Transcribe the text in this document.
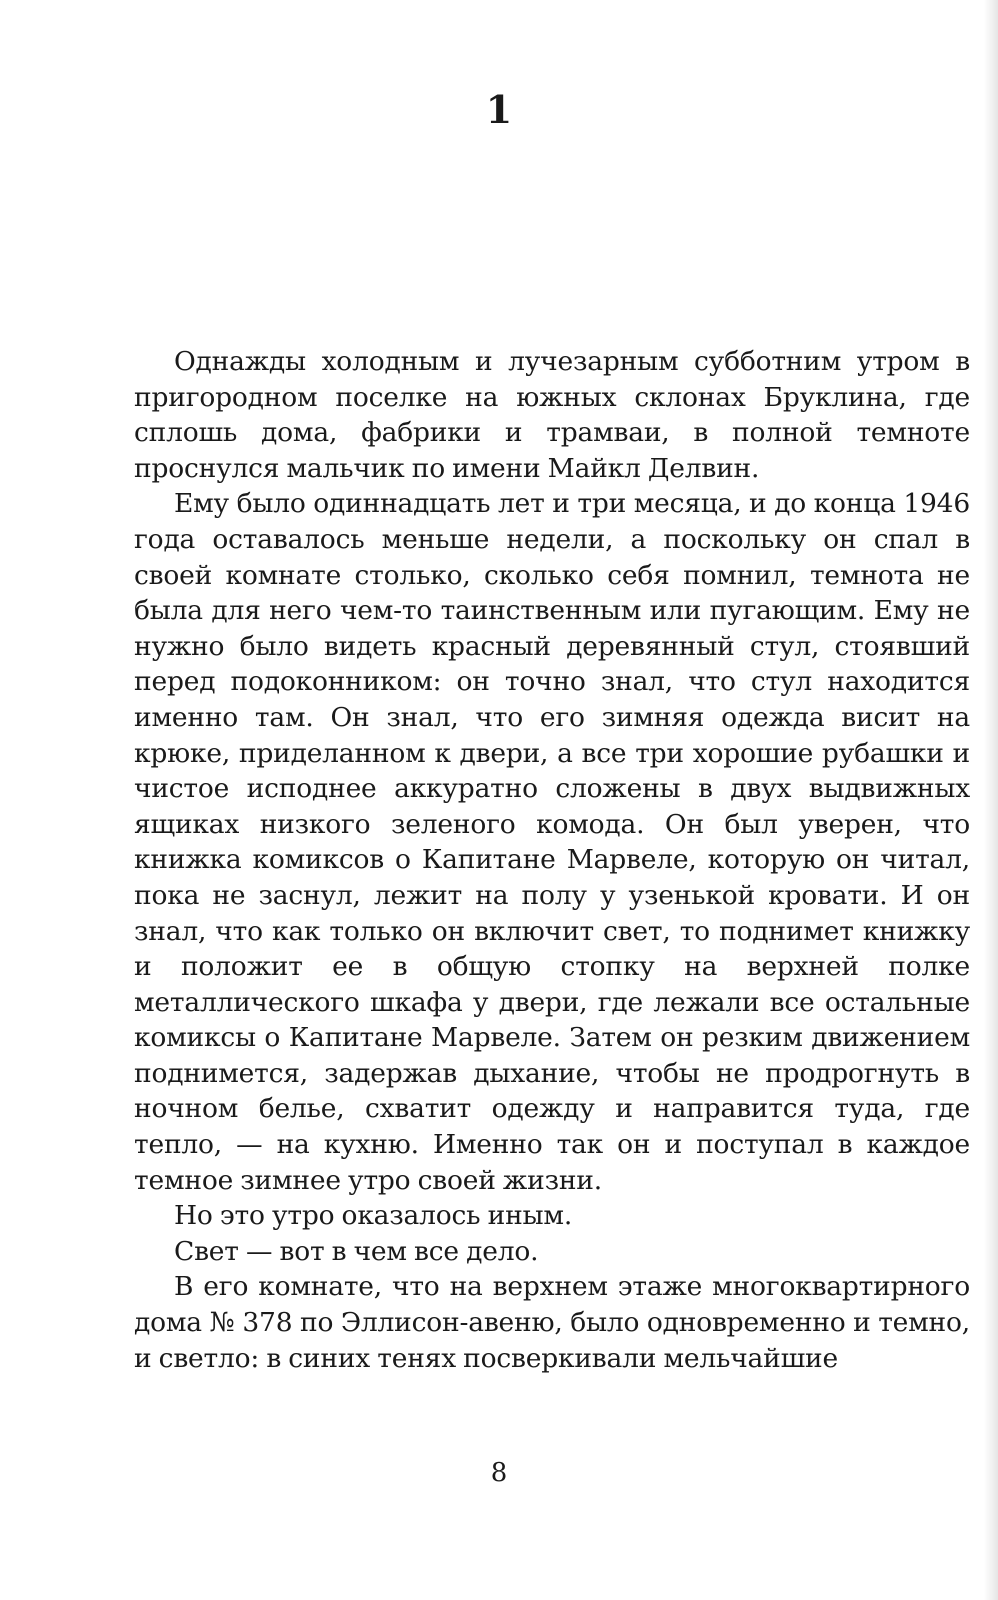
1

Однажды холодным и лучезарным субботним утром в пригородном поселке на южных склонах Бруклина, где сплошь дома, фабрики и трамваи, в полной темноте проснулся мальчик по имени Майкл Делвин.

Ему было одиннадцать лет и три месяца, и до конца 1946 года оставалось меньше недели, а поскольку он спал в своей комнате столько, сколько себя помнил, темнота не была для него чем-то таинственным или пугающим. Ему не нужно было видеть красный деревянный стул, стоявший перед подоконником: он точно знал, что стул находится именно там. Он знал, что его зимняя одежда висит на крюке, приделанном к двери, а все три хорошие рубашки и чистое исподнее аккуратно сложены в двух выдвижных ящиках низкого зеленого комода. Он был уверен, что книжка комиксов о Капитане Марвеле, которую он читал, пока не заснул, лежит на полу у узенькой кровати. И он знал, что как только он включит свет, то поднимет книжку и положит ее в общую стопку на верхней полке металлического шкафа у двери, где лежали все остальные комиксы о Капитане Марвеле. Затем он резким движением поднимется, задержав дыхание, чтобы не продрогнуть в ночном белье, схватит одежду и направится туда, где тепло, — на кухню. Именно так он и поступал в каждое темное зимнее утро своей жизни.

Но это утро оказалось иным.

Свет — вот в чем все дело.

В его комнате, что на верхнем этаже многоквартирного дома № 378 по Эллисон-авеню, было одновременно и темно, и светло: в синих тенях посверкивали мельчайшие

8
